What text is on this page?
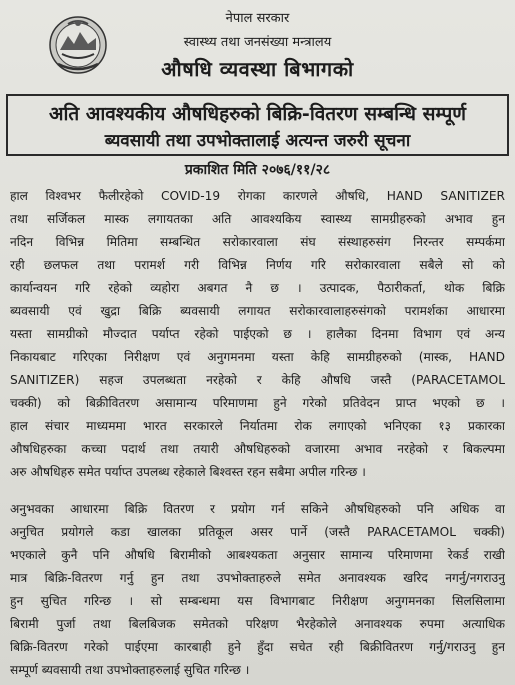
नेपाल सरकार
स्वास्थ्य तथा जनसंख्या मन्त्रालय
औषधि व्यवस्था बिभागको
अति आवश्यकीय औषधिहरुको बिक्रि-वितरण सम्बन्धि सम्पूर्ण
ब्यवसायी तथा उपभोक्तालाई अत्यन्त जरुरी सूचना
प्रकाशित मिति २०७६/११/२८
हाल विश्वभर फैलीरहेको COVID-19 रोगका कारणले औषधि, HAND SANITIZER
तथा सर्जिकल मास्क लगायतका अति आवश्यकिय स्वास्थ्य सामग्रीहरुको अभाव हुन
नदिन विभिन्न मितिमा सम्बन्धित सरोकारवाला संघ संस्थाहरुसंग निरन्तर सम्पर्कमा
रही छलफल तथा परामर्श गरी विभिन्न निर्णय गरि सरोकारवाला सबैले सो को
कार्यान्वयन गरि रहेको व्यहोरा अबगत नै छ । उत्पादक, पैठारीकर्ता, थोक बिक्रि
ब्यवसायी एवं खुद्रा बिक्रि ब्यवसायी लगायत सरोकारवालाहरुसंगको परामर्शका आधारमा
यस्ता सामग्रीको मौज्दात पर्याप्त रहेको पाईएको छ । हालैका दिनमा विभाग एवं अन्य
निकायबाट गरिएका निरीक्षण एवं अनुगमनमा यस्ता केहि सामग्रीहरुको (मास्क, HAND
SANITIZER) सहज उपलब्धता नरहेको र केहि औषधि जस्तै (PARACETAMOL
चक्की) को बिक्रीवितरण असामान्य परिमाणमा हुने गरेको प्रतिवेदन प्राप्त भएको छ ।
हाल संचार माध्यममा भारत सरकारले निर्यातमा रोक लगाएको भनिएका १३ प्रकारका
औषधिहरुका कच्चा पदार्थ तथा तयारी औषधिहरुको वजारमा अभाव नरहेको र बिकल्पमा
अरु औषधिहरु समेत पर्याप्त उपलब्ध रहेकाले बिश्वस्त रहन सबैमा अपील गरिन्छ ।
अनुभवका आधारमा बिक्रि वितरण र प्रयोग गर्न सकिने औषधिहरुको पनि अधिक वा
अनुचित प्रयोगले कडा खालका प्रतिकूल असर पार्ने (जस्तै PARACETAMOL चक्की)
भएकाले कुनै पनि औषधि बिरामीको आबश्यकता अनुसार सामान्य परिमाणमा रेकर्ड राखी
मात्र बिक्रि-वितरण गर्नु हुन तथा उपभोक्ताहरुले समेत अनावश्यक खरिद नगर्नु/नगराउनु
हुन सुचित गरिन्छ । सो सम्बन्धमा यस विभागबाट निरीक्षण अनुगमनका सिलसिलामा
बिरामी पुर्जा तथा बिलबिजक समेतको परिक्षण भैरहेकोले अनावश्यक रुपमा अत्याधिक
बिक्रि-वितरण गरेको पाईएमा कारबाही हुने हुँदा सचेत रही बिक्रीवितरण गर्नु/गराउनु हुन
सम्पूर्ण ब्यवसायी तथा उपभोक्ताहरुलाई सुचित गरिन्छ ।
